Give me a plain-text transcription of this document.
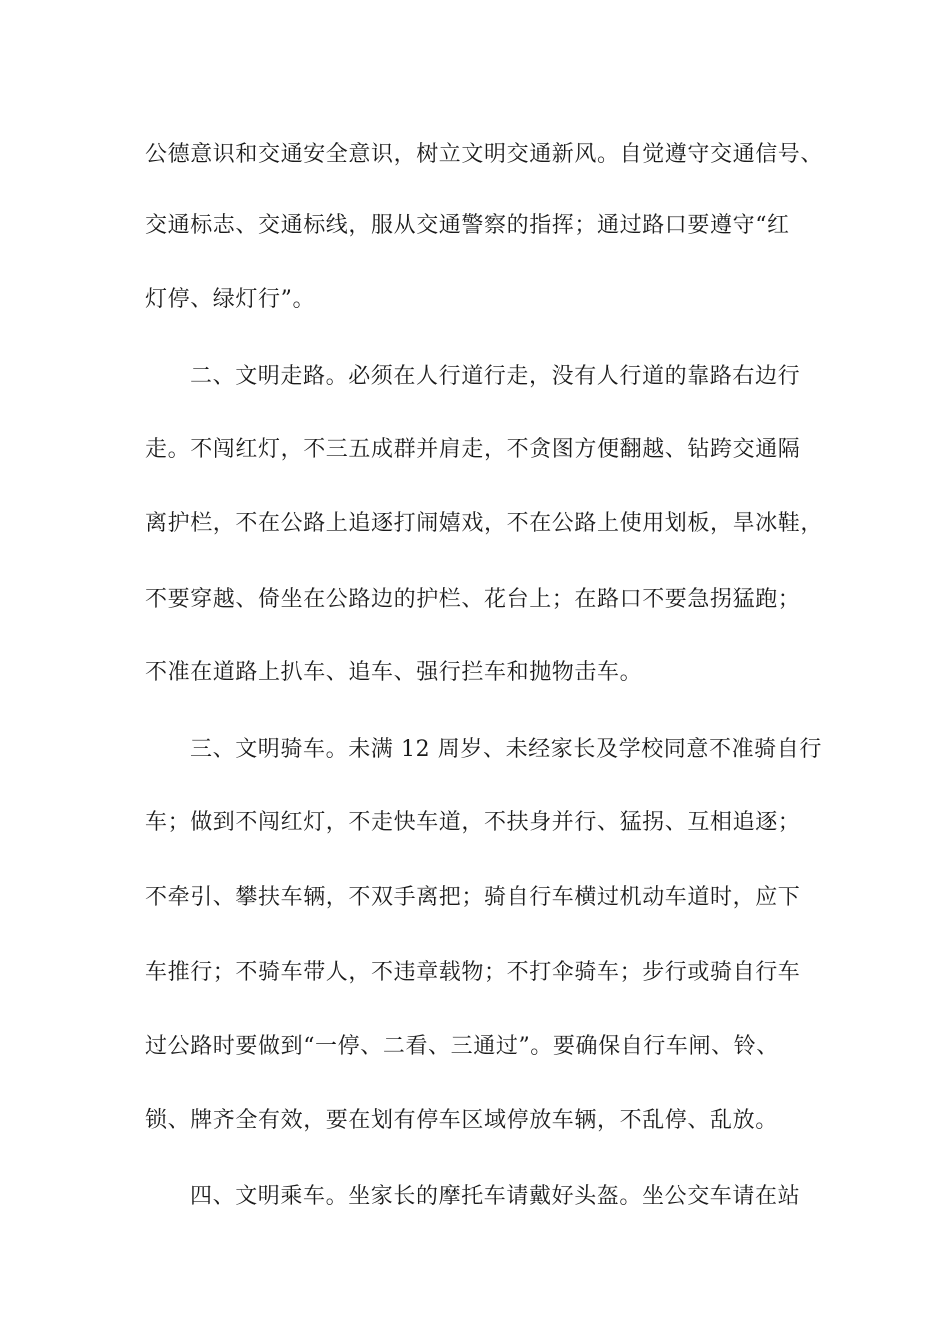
公德意识和交通安全意识，树立文明交通新风。自觉遵守交通信号、
交通标志、交通标线，服从交通警察的指挥；通过路口要遵守“红
灯停、绿灯行”。
二、文明走路。必须在人行道行走，没有人行道的靠路右边行
走。不闯红灯，不三五成群并肩走，不贪图方便翻越、钻跨交通隔
离护栏，不在公路上追逐打闹嬉戏，不在公路上使用划板，旱冰鞋，
不要穿越、倚坐在公路边的护栏、花台上；在路口不要急拐猛跑；
不准在道路上扒车、追车、强行拦车和抛物击车。
三、文明骑车。未满 12 周岁、未经家长及学校同意不准骑自行
车；做到不闯红灯，不走快车道，不扶身并行、猛拐、互相追逐；
不牵引、攀扶车辆，不双手离把；骑自行车横过机动车道时，应下
车推行；不骑车带人，不违章载物；不打伞骑车；步行或骑自行车
过公路时要做到“一停、二看、三通过”。要确保自行车闸、铃、
锁、牌齐全有效，要在划有停车区域停放车辆，不乱停、乱放。
四、文明乘车。坐家长的摩托车请戴好头盔。坐公交车请在站
